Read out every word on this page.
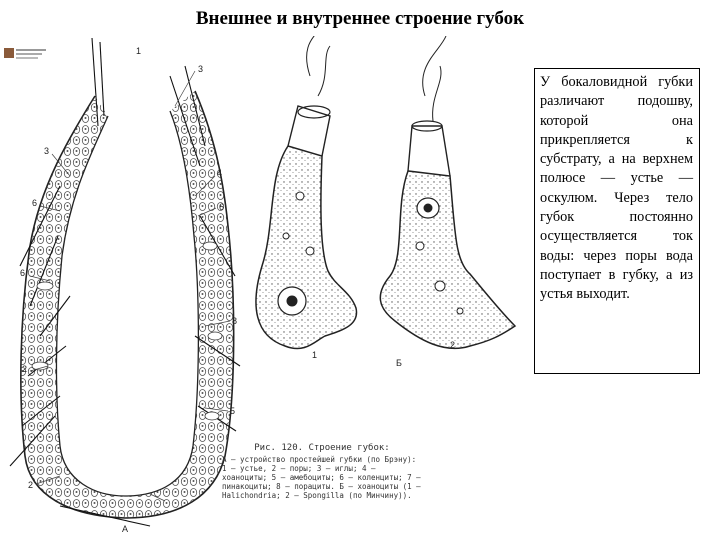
Внешнее и внутреннее строение губок
3
3
6
6
4
6
8
5
2
2
А
1
1
Б
2
Рис. 120. Строение губок:
А – устройство простейшей губки (по Брэну): 1 – устье, 2 – поры; 3 – иглы; 4 – хоаноциты; 5 – амебоциты; 6 – коленциты; 7 – пинакоциты; 8 – порациты. Б – хоаноциты (1 – Halichondria; 2 – Spongilla (по Минчину)).
У бокаловидной губки различают подошву, которой она прикрепляется к субстрату, а на верхнем полюсе — устье — оскулюм. Через тело губок постоянно осуществляется ток воды: через поры вода поступает в губку, а из устья выходит.
